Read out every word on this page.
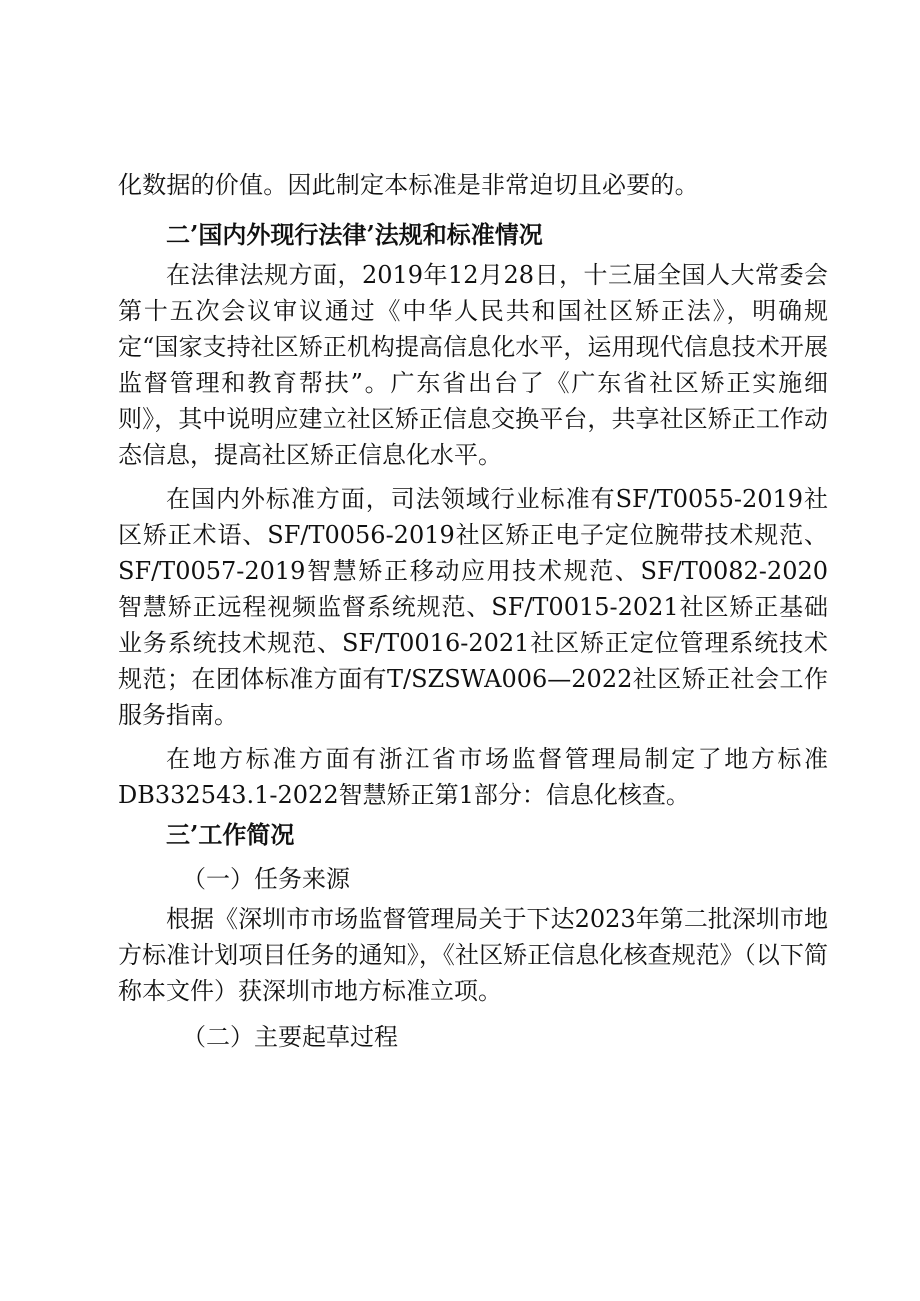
化数据的价值。因此制定本标准是非常迫切且必要的。

二’国内外现行法律’法规和标准情况

在法律法规方面，2019年12月28日，十三届全国人大常委会第十五次会议审议通过《中华人民共和国社区矫正法》，明确规定“国家支持社区矫正机构提高信息化水平，运用现代信息技术开展监督管理和教育帮扶”。广东省出台了《广东省社区矫正实施细则》，其中说明应建立社区矫正信息交换平台，共享社区矫正工作动态信息，提高社区矫正信息化水平。

在国内外标准方面，司法领域行业标准有SF/T0055-2019社区矫正术语、SF/T0056-2019社区矫正电子定位腕带技术规范、SF/T0057-2019智慧矫正移动应用技术规范、SF/T0082-2020智慧矫正远程视频监督系统规范、SF/T0015-2021社区矫正基础业务系统技术规范、SF/T0016-2021社区矫正定位管理系统技术规范；在团体标准方面有T/SZSWA006—2022社区矫正社会工作服务指南。

在地方标准方面有浙江省市场监督管理局制定了地方标准DB332543.1-2022智慧矫正第1部分：信息化核查。

三’工作简况

（一）任务来源

根据《深圳市市场监督管理局关于下达2023年第二批深圳市地方标准计划项目任务的通知》，《社区矫正信息化核查规范》（以下简称本文件）获深圳市地方标准立项。

（二）主要起草过程
